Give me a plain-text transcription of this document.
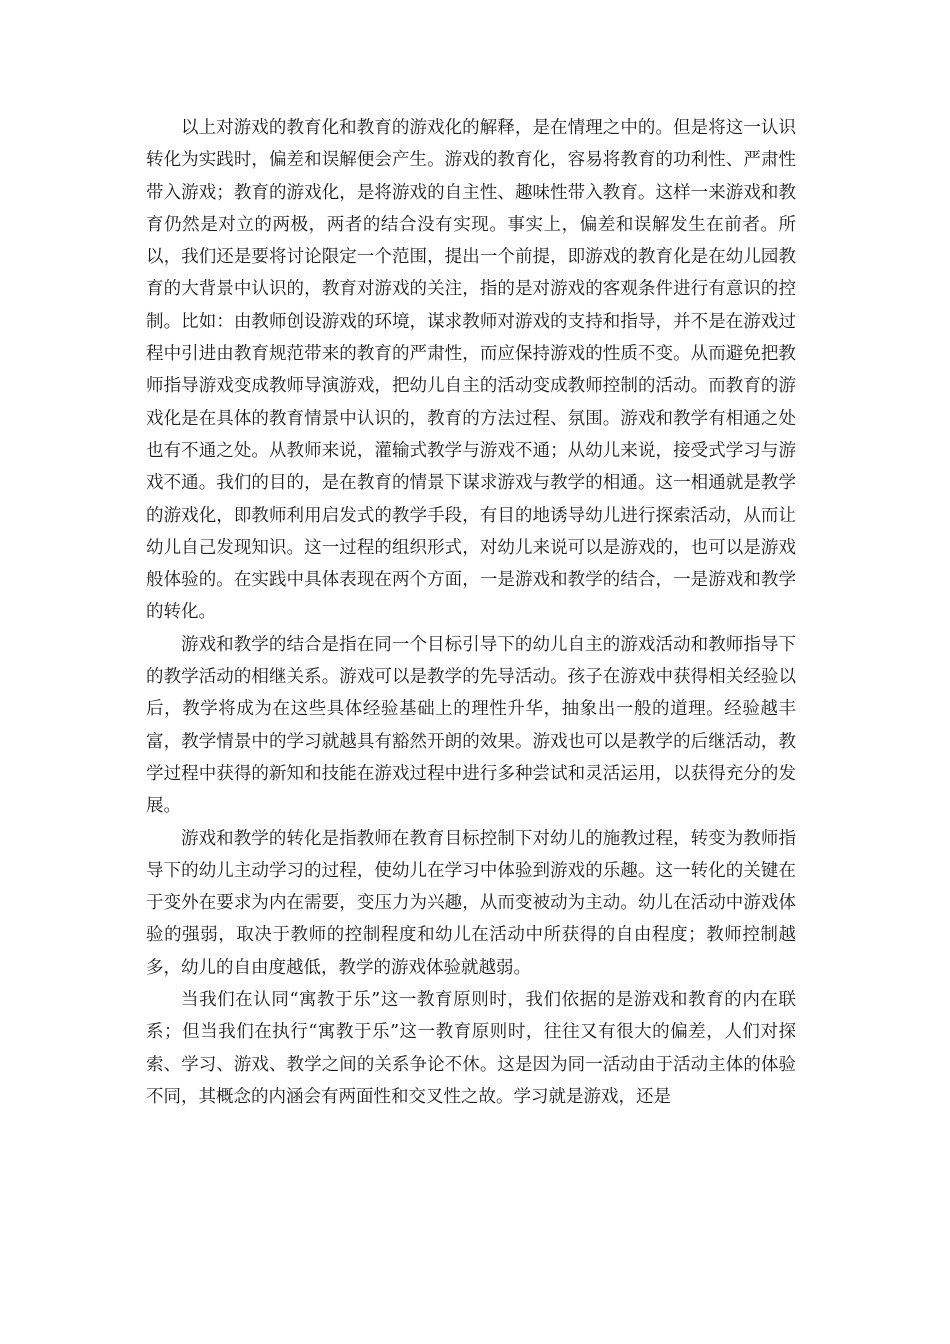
以上对游戏的教育化和教育的游戏化的解释，是在情理之中的。但是将这一认识转化为实践时，偏差和误解便会产生。游戏的教育化，容易将教育的功利性、严肃性带入游戏；教育的游戏化，是将游戏的自主性、趣味性带入教育。这样一来游戏和教育仍然是对立的两极，两者的结合没有实现。事实上，偏差和误解发生在前者。所以，我们还是要将讨论限定一个范围，提出一个前提，即游戏的教育化是在幼儿园教育的大背景中认识的，教育对游戏的关注，指的是对游戏的客观条件进行有意识的控制。比如：由教师创设游戏的环境，谋求教师对游戏的支持和指导，并不是在游戏过程中引进由教育规范带来的教育的严肃性，而应保持游戏的性质不变。从而避免把教师指导游戏变成教师导演游戏，把幼儿自主的活动变成教师控制的活动。而教育的游戏化是在具体的教育情景中认识的，教育的方法过程、氛围。游戏和教学有相通之处也有不通之处。从教师来说，灌输式教学与游戏不通；从幼儿来说，接受式学习与游戏不通。我们的目的，是在教育的情景下谋求游戏与教学的相通。这一相通就是教学的游戏化，即教师利用启发式的教学手段，有目的地诱导幼儿进行探索活动，从而让幼儿自己发现知识。这一过程的组织形式，对幼儿来说可以是游戏的，也可以是游戏般体验的。在实践中具体表现在两个方面，一是游戏和教学的结合，一是游戏和教学的转化。

游戏和教学的结合是指在同一个目标引导下的幼儿自主的游戏活动和教师指导下的教学活动的相继关系。游戏可以是教学的先导活动。孩子在游戏中获得相关经验以后，教学将成为在这些具体经验基础上的理性升华，抽象出一般的道理。经验越丰富，教学情景中的学习就越具有豁然开朗的效果。游戏也可以是教学的后继活动，教学过程中获得的新知和技能在游戏过程中进行多种尝试和灵活运用，以获得充分的发展。

游戏和教学的转化是指教师在教育目标控制下对幼儿的施教过程，转变为教师指导下的幼儿主动学习的过程，使幼儿在学习中体验到游戏的乐趣。这一转化的关键在于变外在要求为内在需要，变压力为兴趣，从而变被动为主动。幼儿在活动中游戏体验的强弱，取决于教师的控制程度和幼儿在活动中所获得的自由程度；教师控制越多，幼儿的自由度越低，教学的游戏体验就越弱。

当我们在认同“寓教于乐”这一教育原则时，我们依据的是游戏和教育的内在联系；但当我们在执行“寓教于乐”这一教育原则时，往往又有很大的偏差，人们对探索、学习、游戏、教学之间的关系争论不休。这是因为同一活动由于活动主体的体验不同，其概念的内涵会有两面性和交叉性之故。学习就是游戏，还是
